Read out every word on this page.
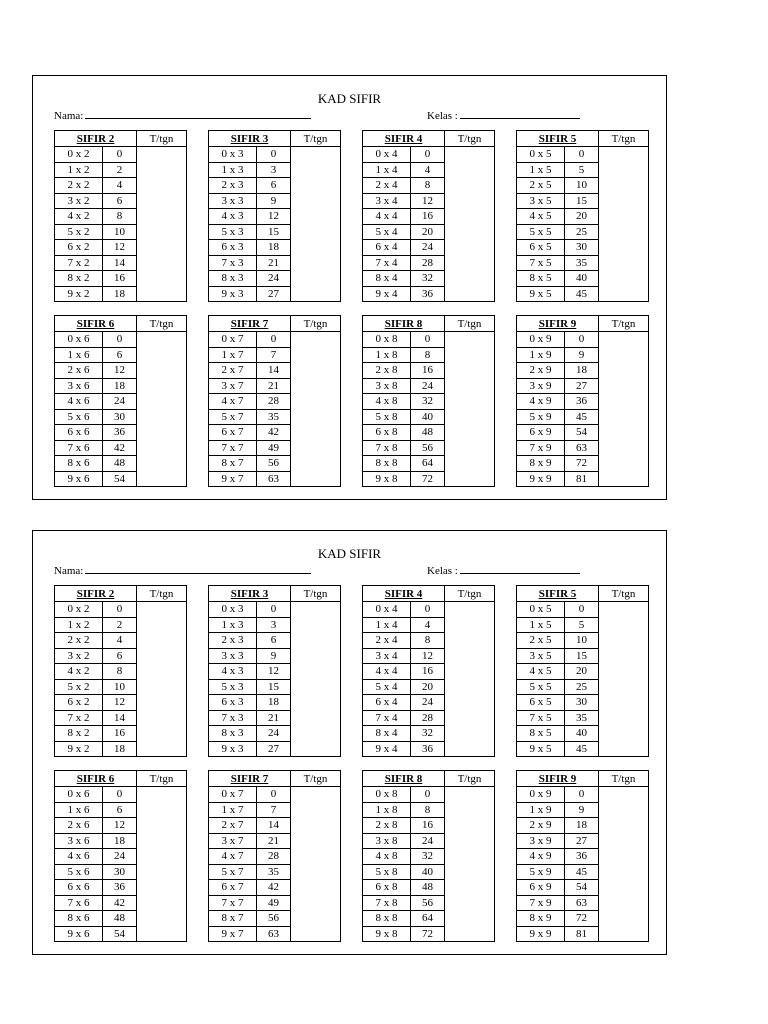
KAD SIFIR
Nama:	Kelas :
SIFIR 2		T/tgn
0 x 2	0	
1 x 2	2	
2 x 2	4	
3 x 2	6	
4 x 2	8	
5 x 2	10	
6 x 2	12	
7 x 2	14	
8 x 2	16	
9 x 2	18	
SIFIR 3		T/tgn
0 x 3	0	
1 x 3	3	
2 x 3	6	
3 x 3	9	
4 x 3	12	
5 x 3	15	
6 x 3	18	
7 x 3	21	
8 x 3	24	
9 x 3	27	
SIFIR 4		T/tgn
0 x 4	0	
1 x 4	4	
2 x 4	8	
3 x 4	12	
4 x 4	16	
5 x 4	20	
6 x 4	24	
7 x 4	28	
8 x 4	32	
9 x 4	36	
SIFIR 5		T/tgn
0 x 5	0	
1 x 5	5	
2 x 5	10	
3 x 5	15	
4 x 5	20	
5 x 5	25	
6 x 5	30	
7 x 5	35	
8 x 5	40	
9 x 5	45	
SIFIR 6		T/tgn
0 x 6	0	
1 x 6	6	
2 x 6	12	
3 x 6	18	
4 x 6	24	
5 x 6	30	
6 x 6	36	
7 x 6	42	
8 x 6	48	
9 x 6	54	
SIFIR 7		T/tgn
0 x 7	0	
1 x 7	7	
2 x 7	14	
3 x 7	21	
4 x 7	28	
5 x 7	35	
6 x 7	42	
7 x 7	49	
8 x 7	56	
9 x 7	63	
SIFIR 8		T/tgn
0 x 8	0	
1 x 8	8	
2 x 8	16	
3 x 8	24	
4 x 8	32	
5 x 8	40	
6 x 8	48	
7 x 8	56	
8 x 8	64	
9 x 8	72	
SIFIR 9		T/tgn
0 x 9	0	
1 x 9	9	
2 x 9	18	
3 x 9	27	
4 x 9	36	
5 x 9	45	
6 x 9	54	
7 x 9	63	
8 x 9	72	
9 x 9	81	
KAD SIFIR
Nama:	Kelas :
SIFIR 2		T/tgn
0 x 2	0	
1 x 2	2	
2 x 2	4	
3 x 2	6	
4 x 2	8	
5 x 2	10	
6 x 2	12	
7 x 2	14	
8 x 2	16	
9 x 2	18	
SIFIR 3		T/tgn
0 x 3	0	
1 x 3	3	
2 x 3	6	
3 x 3	9	
4 x 3	12	
5 x 3	15	
6 x 3	18	
7 x 3	21	
8 x 3	24	
9 x 3	27	
SIFIR 4		T/tgn
0 x 4	0	
1 x 4	4	
2 x 4	8	
3 x 4	12	
4 x 4	16	
5 x 4	20	
6 x 4	24	
7 x 4	28	
8 x 4	32	
9 x 4	36	
SIFIR 5		T/tgn
0 x 5	0	
1 x 5	5	
2 x 5	10	
3 x 5	15	
4 x 5	20	
5 x 5	25	
6 x 5	30	
7 x 5	35	
8 x 5	40	
9 x 5	45	
SIFIR 6		T/tgn
0 x 6	0	
1 x 6	6	
2 x 6	12	
3 x 6	18	
4 x 6	24	
5 x 6	30	
6 x 6	36	
7 x 6	42	
8 x 6	48	
9 x 6	54	
SIFIR 7		T/tgn
0 x 7	0	
1 x 7	7	
2 x 7	14	
3 x 7	21	
4 x 7	28	
5 x 7	35	
6 x 7	42	
7 x 7	49	
8 x 7	56	
9 x 7	63	
SIFIR 8		T/tgn
0 x 8	0	
1 x 8	8	
2 x 8	16	
3 x 8	24	
4 x 8	32	
5 x 8	40	
6 x 8	48	
7 x 8	56	
8 x 8	64	
9 x 8	72	
SIFIR 9		T/tgn
0 x 9	0	
1 x 9	9	
2 x 9	18	
3 x 9	27	
4 x 9	36	
5 x 9	45	
6 x 9	54	
7 x 9	63	
8 x 9	72	
9 x 9	81	
